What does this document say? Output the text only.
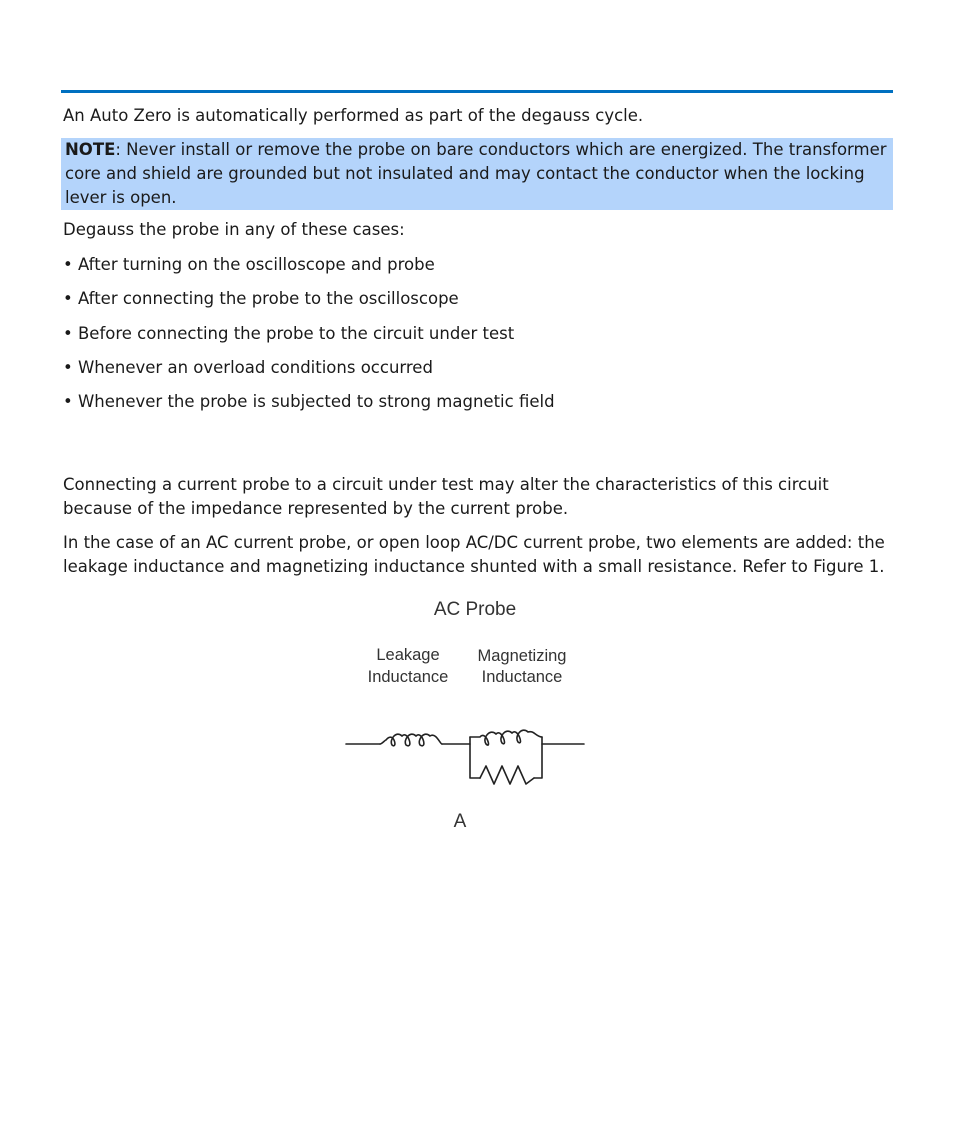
An Auto Zero is automatically performed as part of the degauss cycle.

NOTE: Never install or remove the probe on bare conductors which are energized. The transformer core and shield are grounded but not insulated and may contact the conductor when the locking lever is open.

Degauss the probe in any of these cases:

• After turning on the oscilloscope and probe
• After connecting the probe to the oscilloscope
• Before connecting the probe to the circuit under test
• Whenever an overload conditions occurred
• Whenever the probe is subjected to strong magnetic field

Connecting a current probe to a circuit under test may alter the characteristics of this circuit because of the impedance represented by the current probe.

In the case of an AC current probe, or open loop AC/DC current probe, two elements are added: the leakage inductance and magnetizing inductance shunted with a small resistance. Refer to Figure 1.

AC Probe
Leakage
Inductance
Magnetizing
Inductance
A
